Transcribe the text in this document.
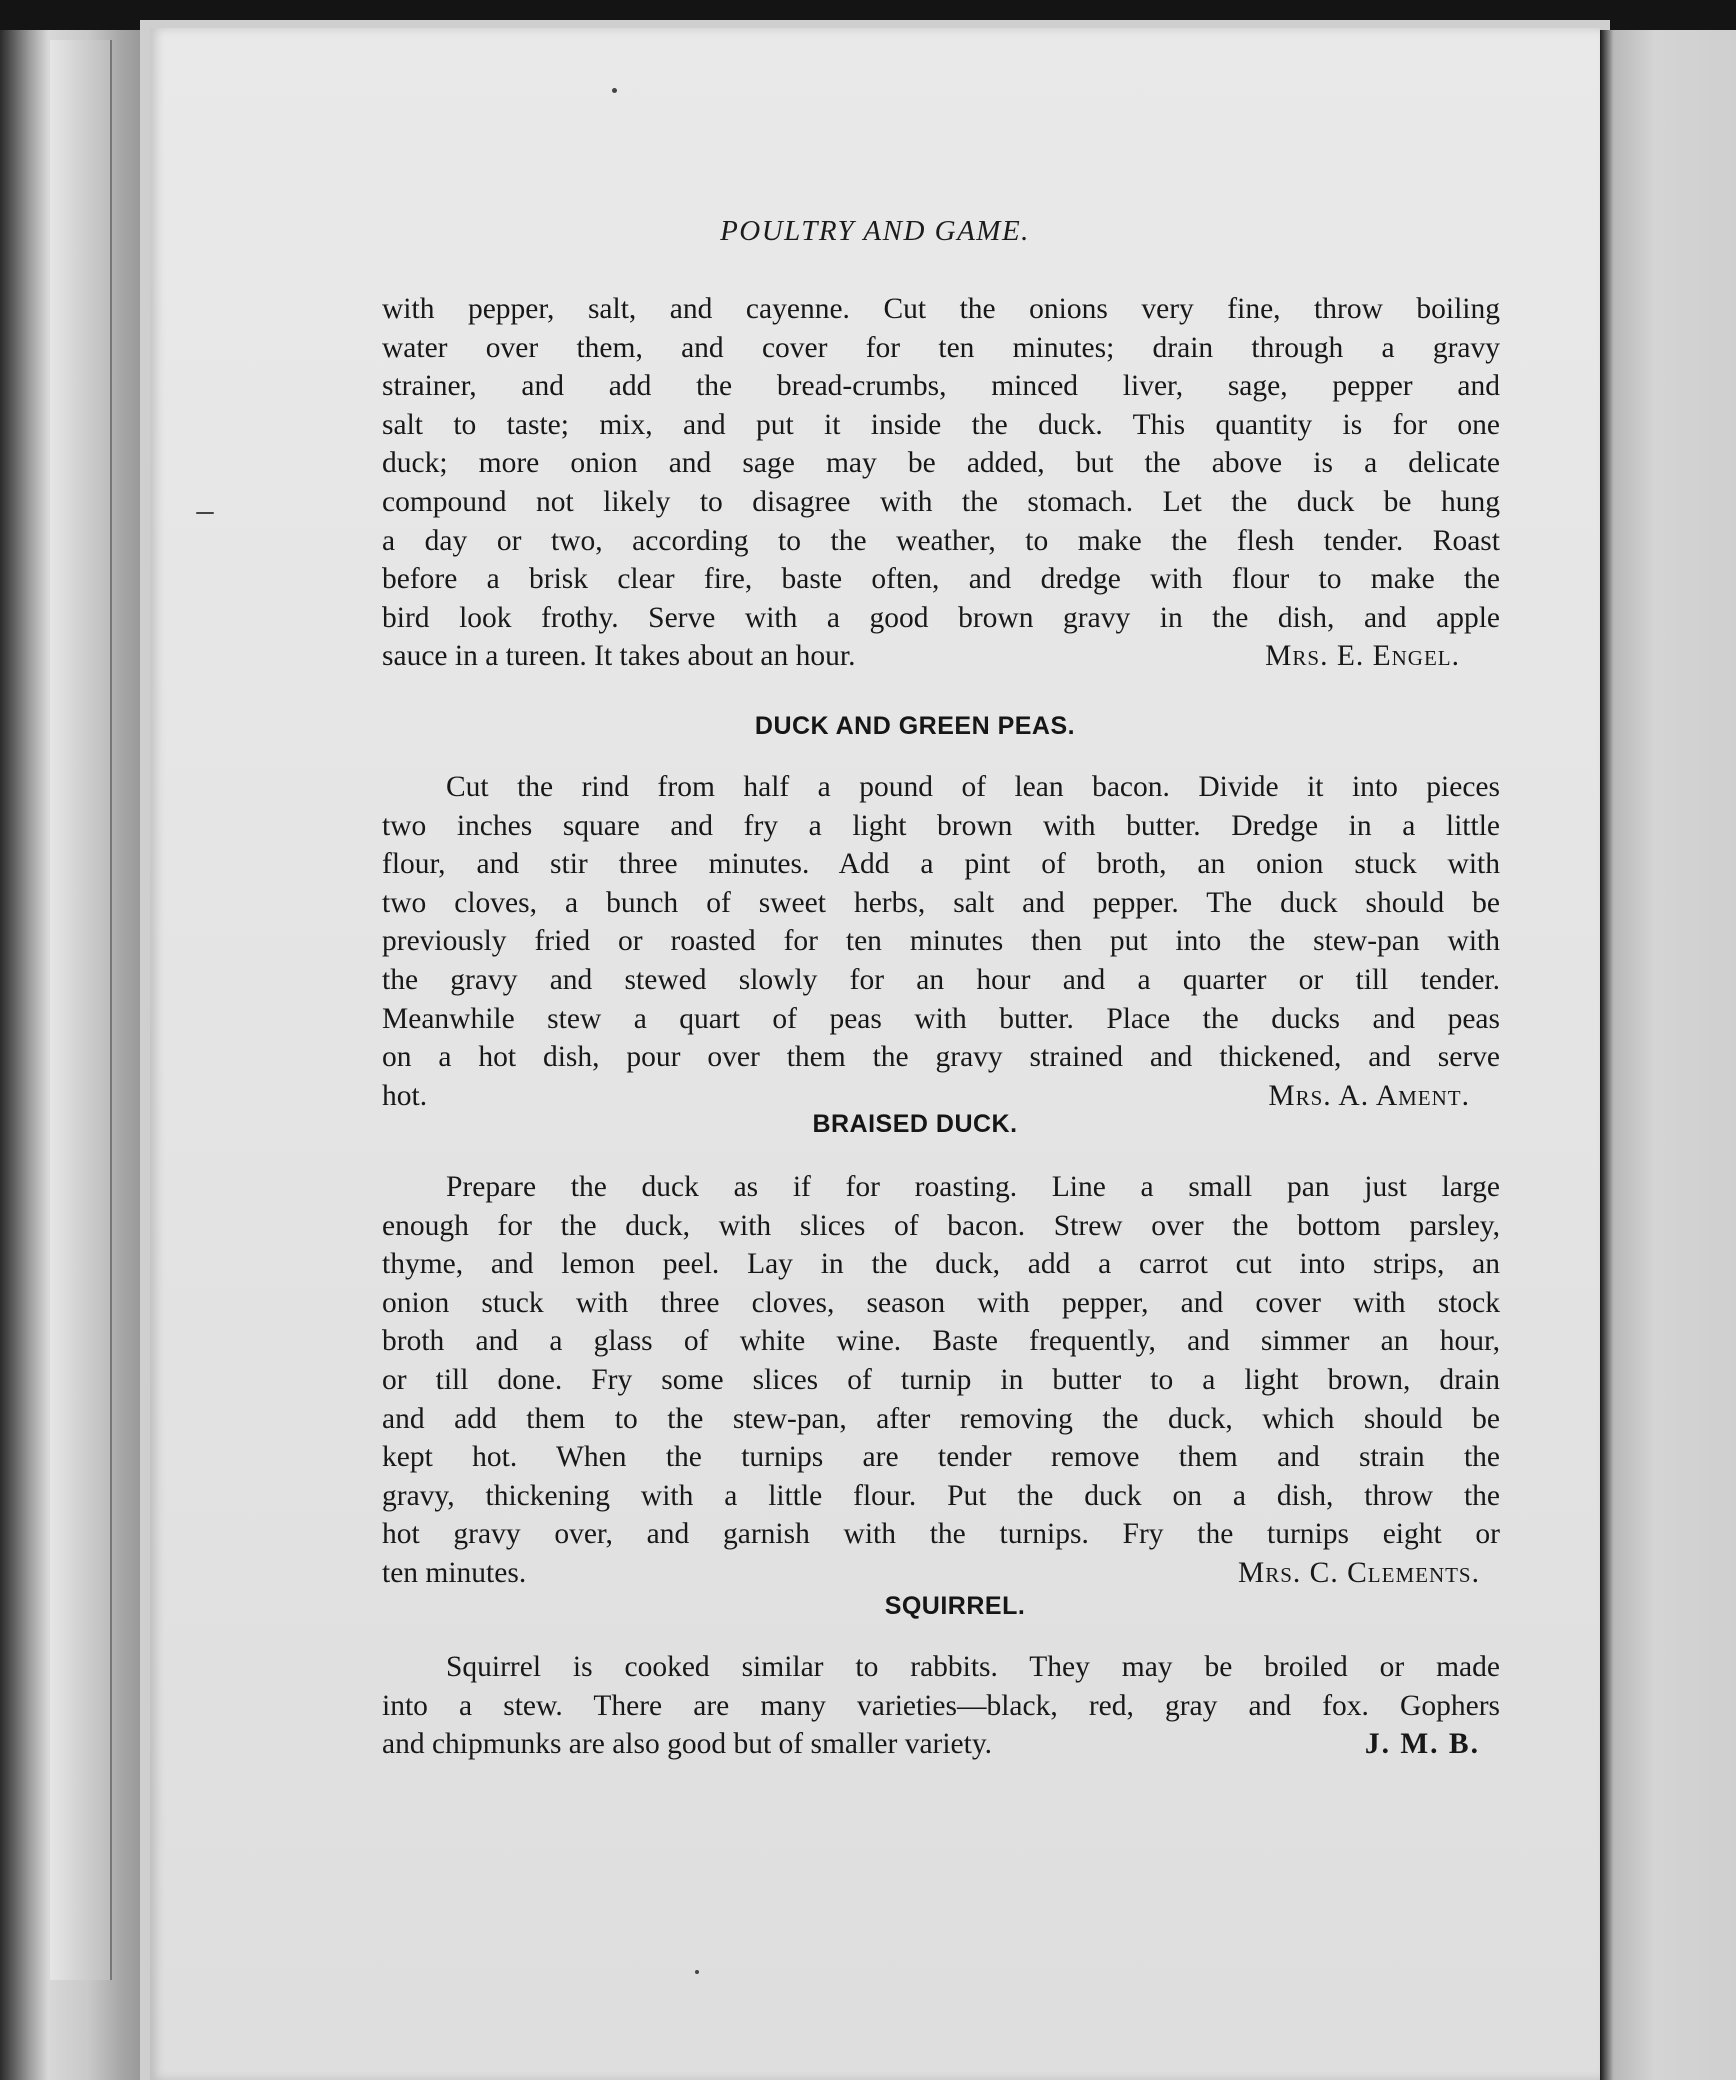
POULTRY AND GAME.
with pepper, salt, and cayenne. Cut the onions very fine, throw boiling
water over them, and cover for ten minutes; drain through a gravy
strainer, and add the bread-crumbs, minced liver, sage, pepper and
salt to taste; mix, and put it inside the duck. This quantity is for one
duck; more onion and sage may be added, but the above is a delicate
compound not likely to disagree with the stomach. Let the duck be hung
a day or two, according to the weather, to make the flesh tender. Roast
before a brisk clear fire, baste often, and dredge with flour to make the
bird look frothy. Serve with a good brown gravy in the dish, and apple
sauce in a tureen. It takes about an hour.	Mrs. E. Engel.
DUCK AND GREEN PEAS.
Cut the rind from half a pound of lean bacon. Divide it into pieces
two inches square and fry a light brown with butter. Dredge in a little
flour, and stir three minutes. Add a pint of broth, an onion stuck with
two cloves, a bunch of sweet herbs, salt and pepper. The duck should be
previously fried or roasted for ten minutes then put into the stew-pan with
the gravy and stewed slowly for an hour and a quarter or till tender.
Meanwhile stew a quart of peas with butter. Place the ducks and peas
on a hot dish, pour over them the gravy strained and thickened, and serve
hot.	Mrs. A. Ament.
BRAISED DUCK.
Prepare the duck as if for roasting. Line a small pan just large
enough for the duck, with slices of bacon. Strew over the bottom parsley,
thyme, and lemon peel. Lay in the duck, add a carrot cut into strips, an
onion stuck with three cloves, season with pepper, and cover with stock
broth and a glass of white wine. Baste frequently, and simmer an hour,
or till done. Fry some slices of turnip in butter to a light brown, drain
and add them to the stew-pan, after removing the duck, which should be
kept hot. When the turnips are tender remove them and strain the
gravy, thickening with a little flour. Put the duck on a dish, throw the
hot gravy over, and garnish with the turnips. Fry the turnips eight or
ten minutes.	Mrs. C. Clements.
SQUIRREL.
Squirrel is cooked similar to rabbits. They may be broiled or made
into a stew. There are many varieties—black, red, gray and fox. Gophers
and chipmunks are also good but of smaller variety.	J. M. B.
